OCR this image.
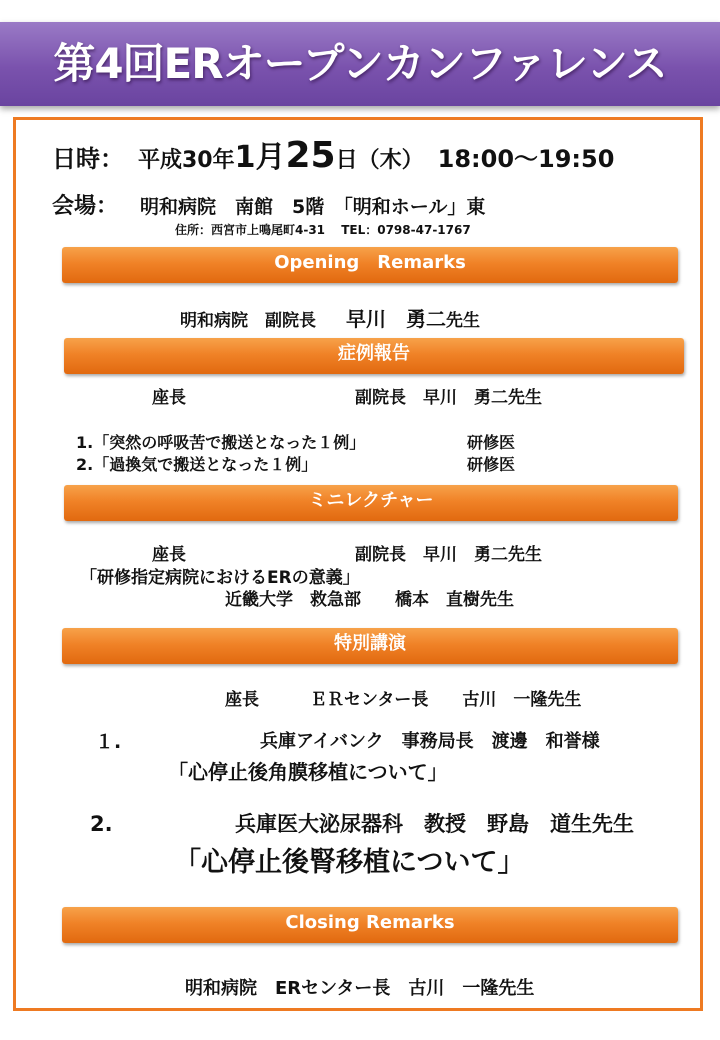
第4回ERオープンカンファレンス
日時： 平成30年1月25日（木） 18:00～19:50
会場： 明和病院　南館　5階　「明和ホール」東
住所：西宮市上鳴尾町4-31　 TEL：0798-47-1767
Opening　Remarks
明和病院　副院長 早川　勇二先生
症例報告
座長	副院長　早川　勇二先生
1.「突然の呼吸苦で搬送となった１例」	研修医
2.「過換気で搬送となった１例」	研修医
ミニレクチャー
座長	副院長　早川　勇二先生
「研修指定病院におけるERの意義」
近畿大学　救急部　　橋本　直樹先生
特別講演
座長　　　ＥＲセンター長　　古川　一隆先生
１.	兵庫アイバンク　事務局長　渡邊　和誉様
「心停止後角膜移植について」
2.	兵庫医大泌尿器科　教授　野島　道生先生
「心停止後腎移植について」
Closing Remarks
明和病院　ERセンター長　古川　一隆先生
